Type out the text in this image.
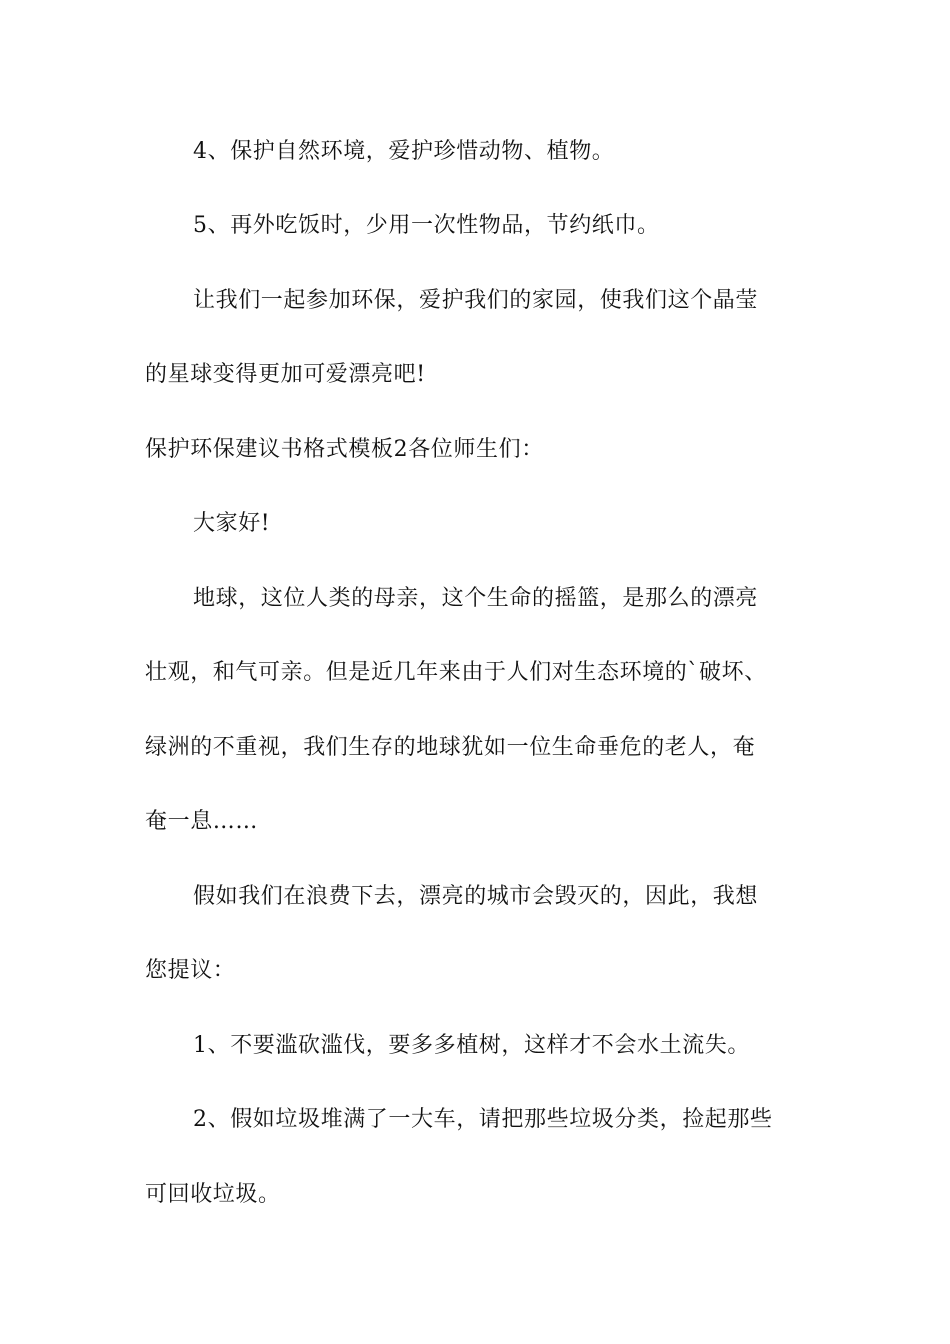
4、保护自然环境，爱护珍惜动物、植物。
5、再外吃饭时，少用一次性物品，节约纸巾。
让我们一起参加环保，爱护我们的家园，使我们这个晶莹
的星球变得更加可爱漂亮吧!
保护环保建议书格式模板2各位师生们：
大家好!
地球，这位人类的母亲，这个生命的摇篮，是那么的漂亮
壮观，和气可亲。但是近几年来由于人们对生态环境的`破坏、
绿洲的不重视，我们生存的地球犹如一位生命垂危的老人，奄
奄一息……
假如我们在浪费下去，漂亮的城市会毁灭的，因此，我想
您提议：
1、不要滥砍滥伐，要多多植树，这样才不会水土流失。
2、假如垃圾堆满了一大车，请把那些垃圾分类，捡起那些
可回收垃圾。
